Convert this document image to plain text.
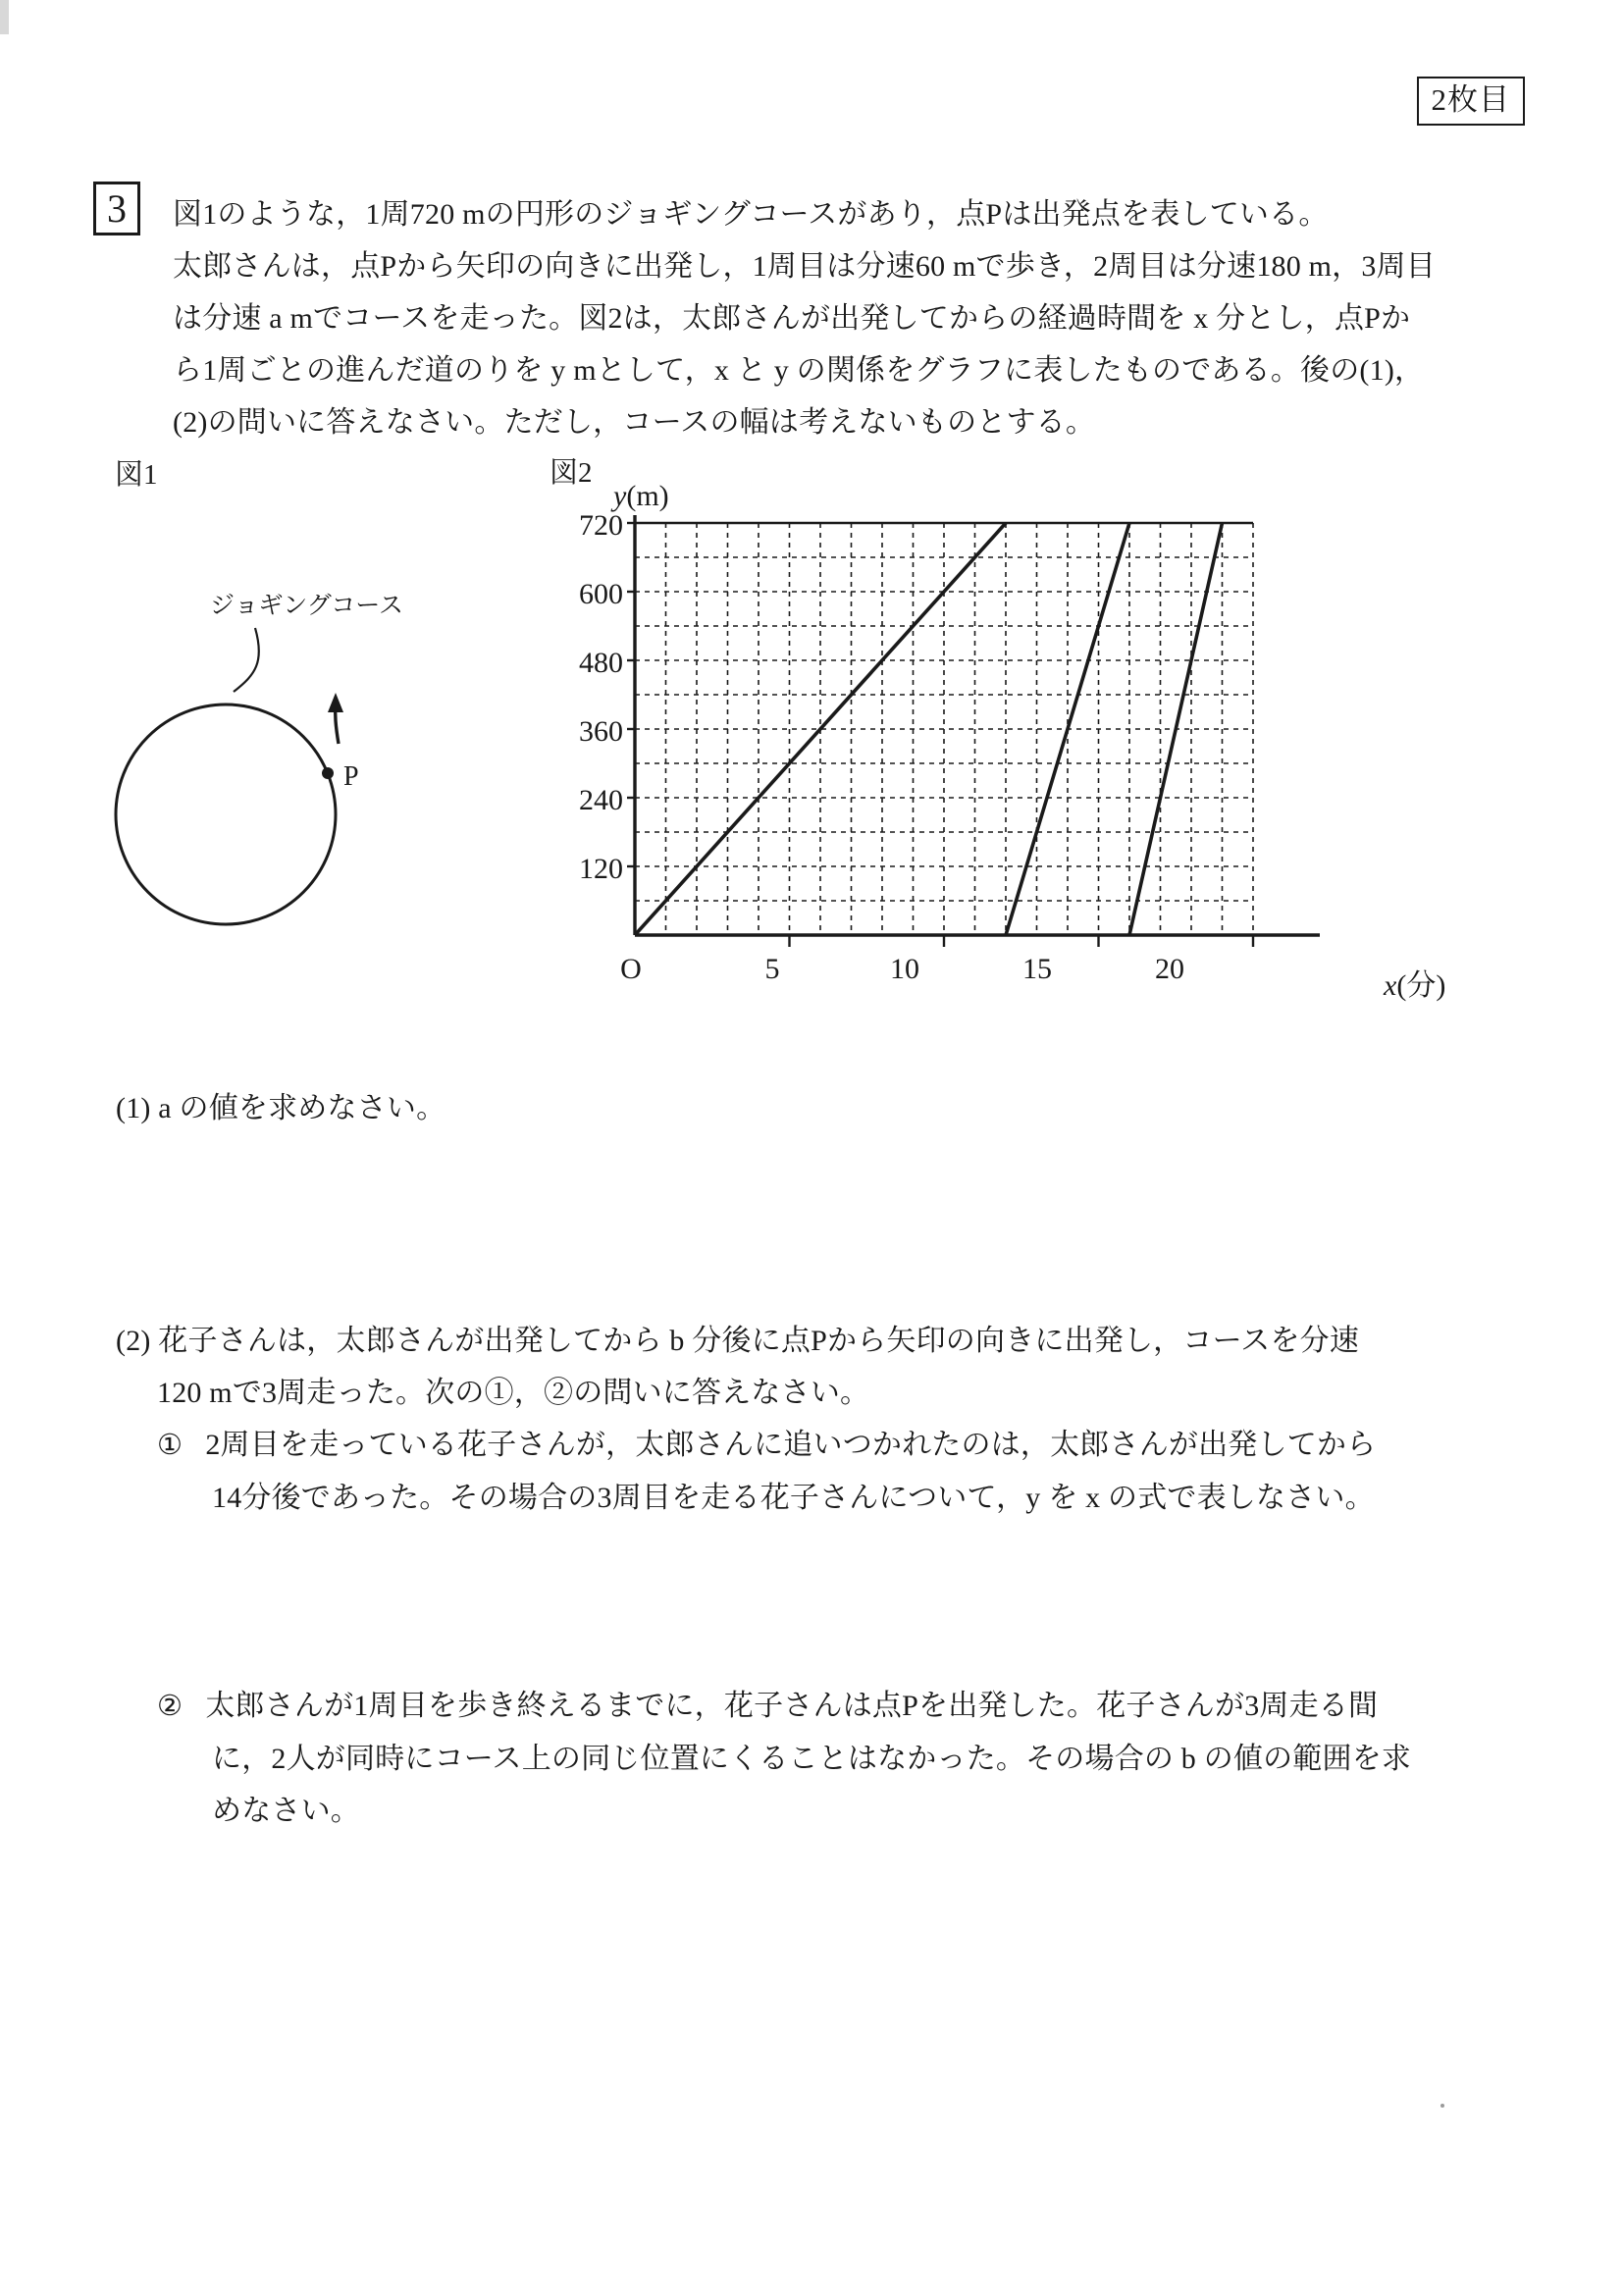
2枚目
3	図1のような，1周720 mの円形のジョギングコースがあり，点Pは出発点を表している。
太郎さんは，点Pから矢印の向きに出発し，1周目は分速60 mで歩き，2周目は分速180 m，3周目
は分速 a mでコースを走った。図2は，太郎さんが出発してからの経過時間を x 分とし，点Pか
ら1周ごとの進んだ道のりを y mとして，x と y の関係をグラフに表したものである。後の(1)，
(2)の問いに答えなさい。ただし，コースの幅は考えないものとする。
図1
ジョギングコース
P
図2
y(m)
x(分)
720
600
480
360
240
120
O	5	10	15	20
(1) a の値を求めなさい。
(2) 花子さんは，太郎さんが出発してから b 分後に点Pから矢印の向きに出発し，コースを分速
120 mで3周走った。次の①，②の問いに答えなさい。
① 2周目を走っている花子さんが，太郎さんに追いつかれたのは，太郎さんが出発してから
14分後であった。その場合の3周目を走る花子さんについて，y を x の式で表しなさい。
② 太郎さんが1周目を歩き終えるまでに，花子さんは点Pを出発した。花子さんが3周走る間
に，2人が同時にコース上の同じ位置にくることはなかった。その場合の b の値の範囲を求
めなさい。
